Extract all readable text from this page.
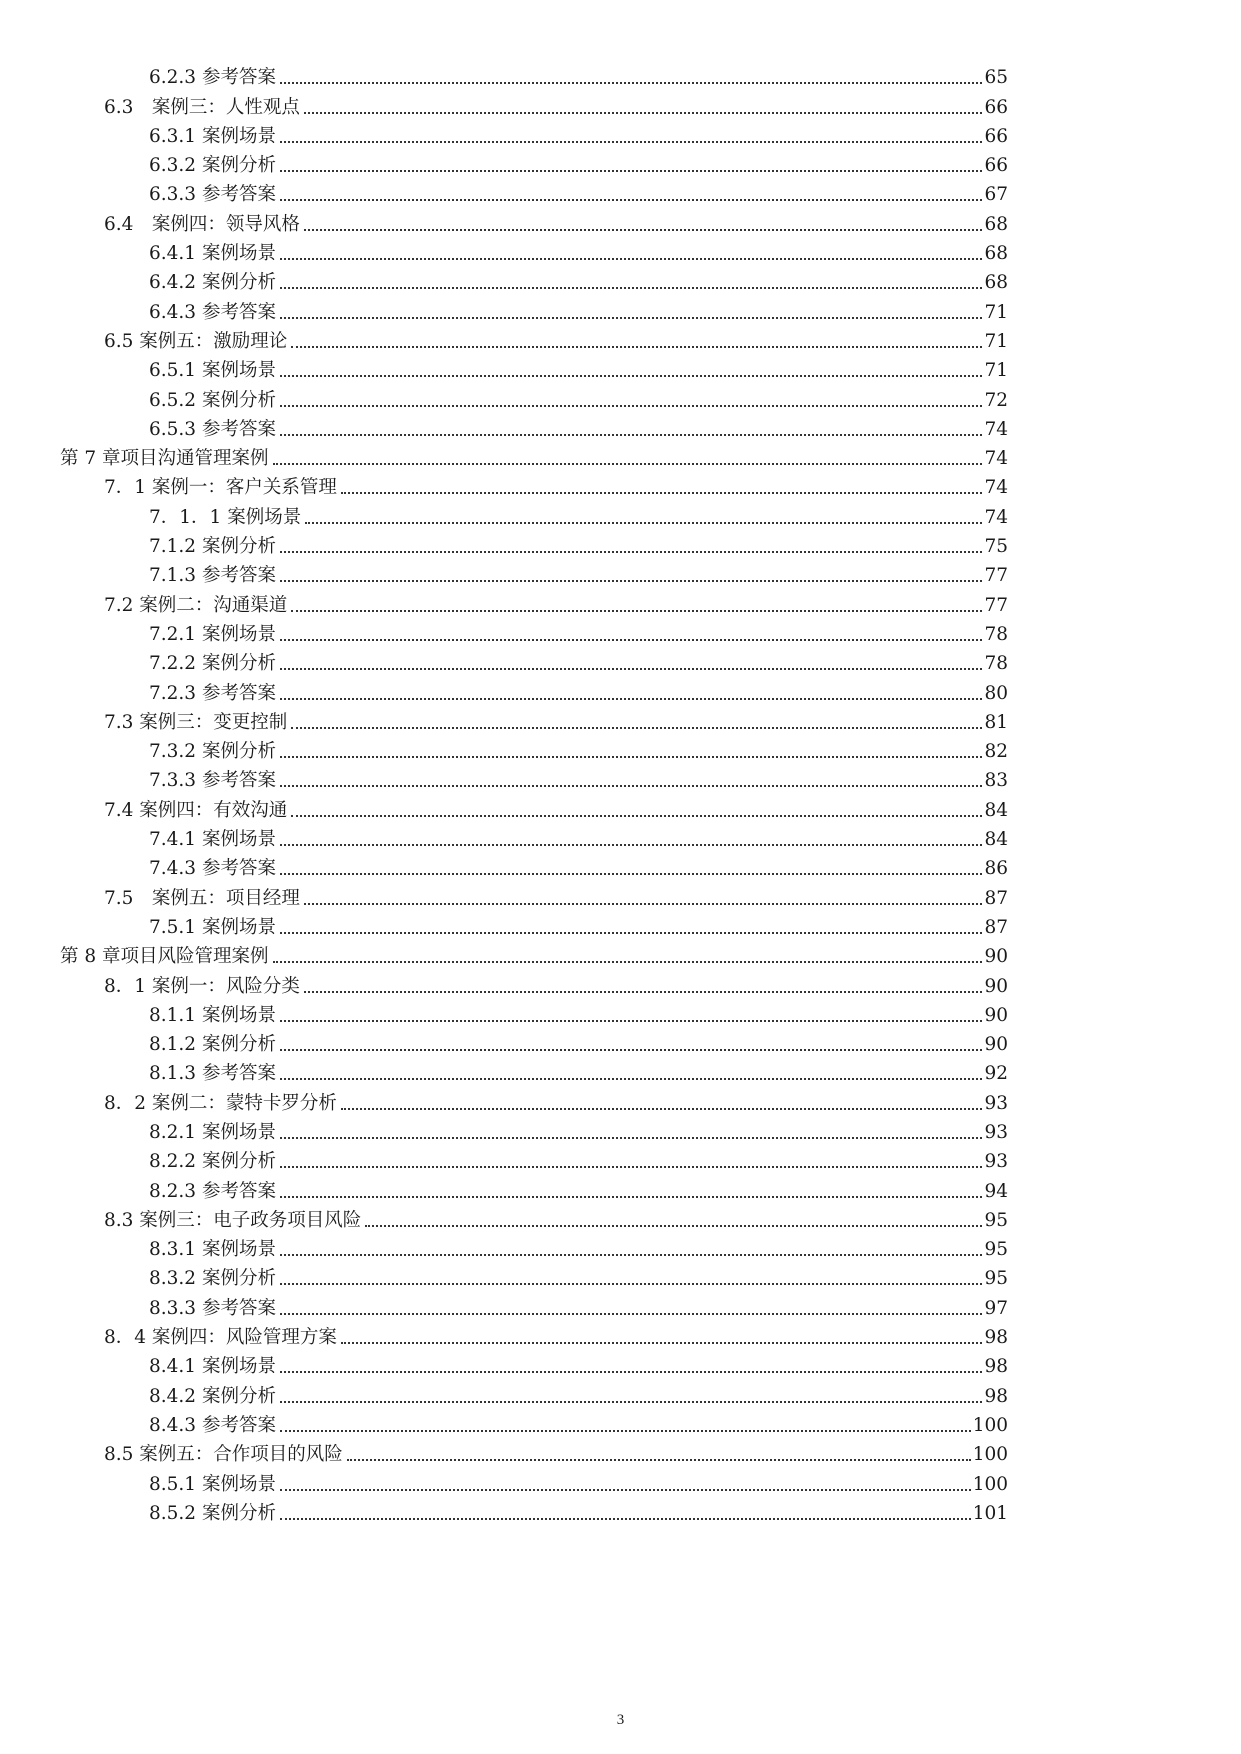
6.2.3 参考答案	65
6.3　案例三：人性观点	66
6.3.1 案例场景	66
6.3.2 案例分析	66
6.3.3 参考答案	67
6.4　案例四：领导风格	68
6.4.1 案例场景	68
6.4.2 案例分析	68
6.4.3 参考答案	71
6.5 案例五：激励理论	71
6.5.1 案例场景	71
6.5.2 案例分析	72
6.5.3 参考答案	74
第 7 章项目沟通管理案例	74
7．1 案例一：客户关系管理	74
7．1．1 案例场景	74
7.1.2 案例分析	75
7.1.3 参考答案	77
7.2 案例二：沟通渠道	77
7.2.1 案例场景	78
7.2.2 案例分析	78
7.2.3 参考答案	80
7.3 案例三：变更控制	81
7.3.2 案例分析	82
7.3.3 参考答案	83
7.4 案例四：有效沟通	84
7.4.1 案例场景	84
7.4.3 参考答案	86
7.5　案例五：项目经理	87
7.5.1 案例场景	87
第 8 章项目风险管理案例	90
8．1 案例一：风险分类	90
8.1.1 案例场景	90
8.1.2 案例分析	90
8.1.3 参考答案	92
8．2 案例二：蒙特卡罗分析	93
8.2.1 案例场景	93
8.2.2 案例分析	93
8.2.3 参考答案	94
8.3 案例三：电子政务项目风险	95
8.3.1 案例场景	95
8.3.2 案例分析	95
8.3.3 参考答案	97
8．4 案例四：风险管理方案	98
8.4.1 案例场景	98
8.4.2 案例分析	98
8.4.3 参考答案	100
8.5 案例五：合作项目的风险	100
8.5.1 案例场景	100
8.5.2 案例分析	101
3
